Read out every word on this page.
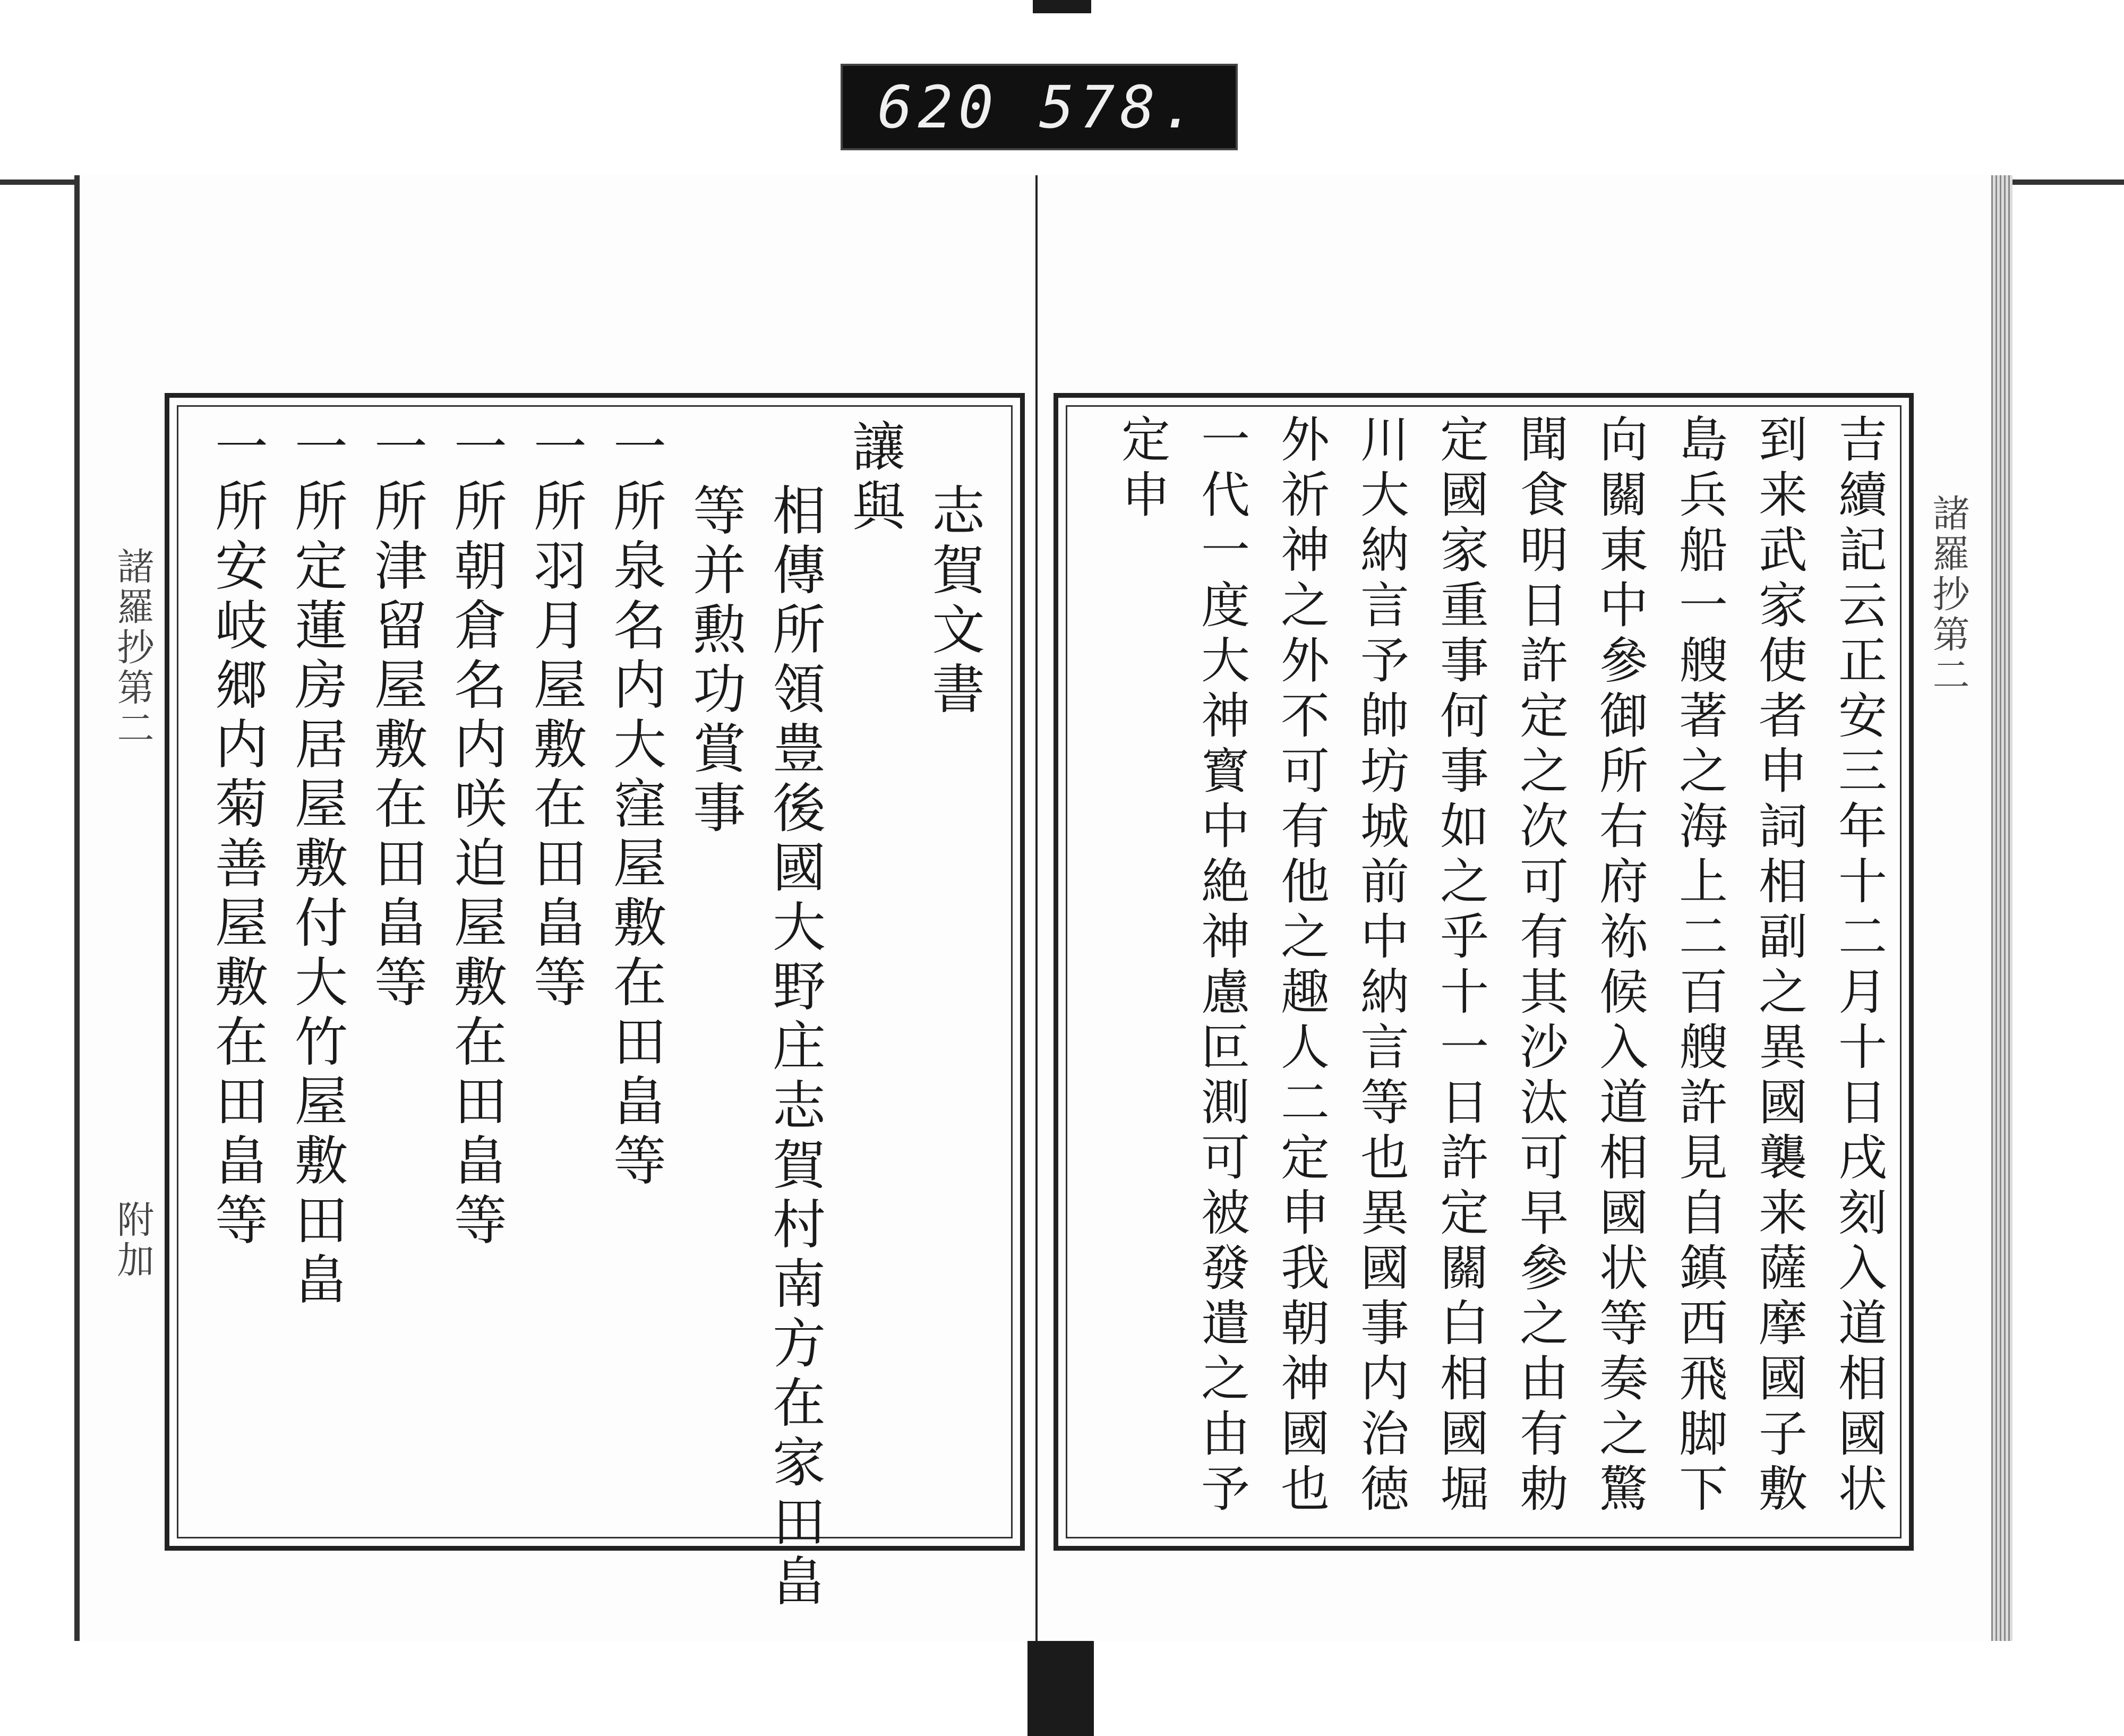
620 578.
諸羅抄第二
附加
志賀文書
讓與
相傳所領豊後國大野庄志賀村南方在家田畠
等并勲功賞事
一所泉名内大窪屋敷在田畠等
一所羽月屋敷在田畠等
一所朝倉名内咲迫屋敷在田畠等
一所津留屋敷在田畠等
一所定蓮房居屋敷付大竹屋敷田畠
一所安岐郷内菊善屋敷在田畠等	諸羅抄第二
吉續記云正安三年十二月十日戌刻入道相國状
到来武家使者申詞相副之異國襲来薩摩國子敷
島兵船一艘著之海上二百艘許見自鎮西飛脚下
向關東中參御所右府袮候入道相國状等奏之驚
聞食明日許定之次可有其沙汰可早參之由有勅
定國家重事何事如之乎十一日許定關白相國堀
川大納言予帥坊城前中納言等也異國事内治徳
外祈神之外不可有他之趣人二定申我朝神國也
一代一度大神寳中絶神慮叵測可被發遣之由予
定申
